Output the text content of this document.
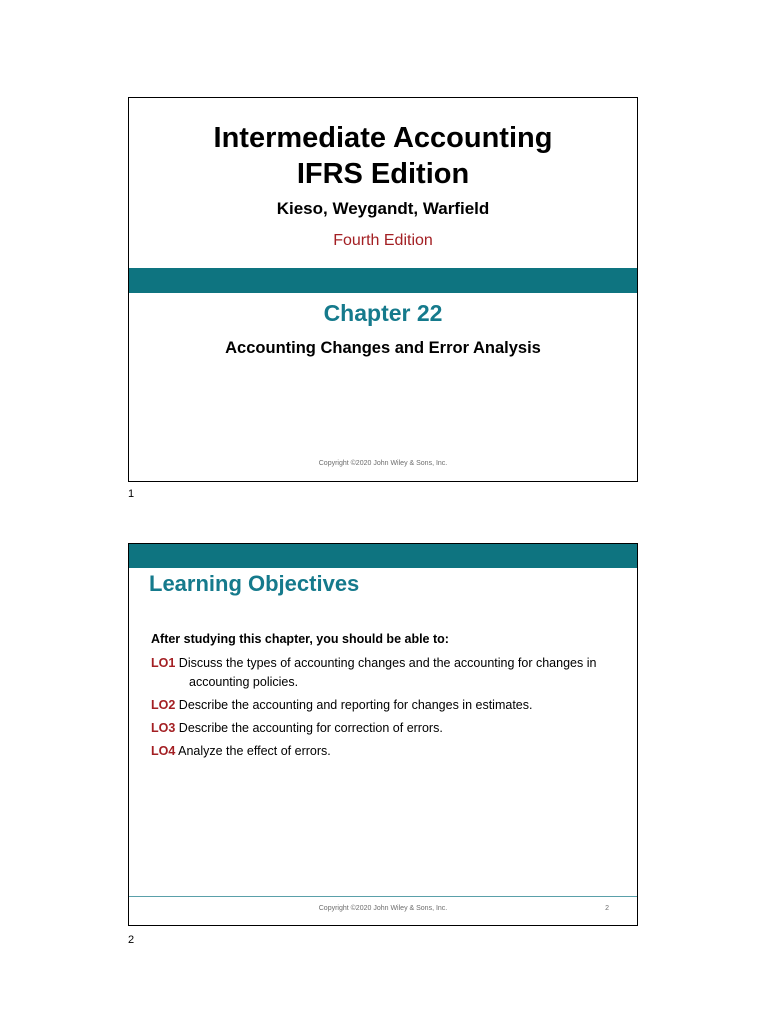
Intermediate Accounting
IFRS Edition
Kieso, Weygandt, Warfield
Fourth Edition
Chapter 22
Accounting Changes and Error Analysis
Copyright ©2020 John Wiley & Sons, Inc.
1
Learning Objectives
After studying this chapter, you should be able to:
LO1 Discuss the types of accounting changes and the accounting for changes in accounting policies.
LO2 Describe the accounting and reporting for changes in estimates.
LO3 Describe the accounting for correction of errors.
LO4 Analyze the effect of errors.
Copyright ©2020 John Wiley & Sons, Inc.	2
2
